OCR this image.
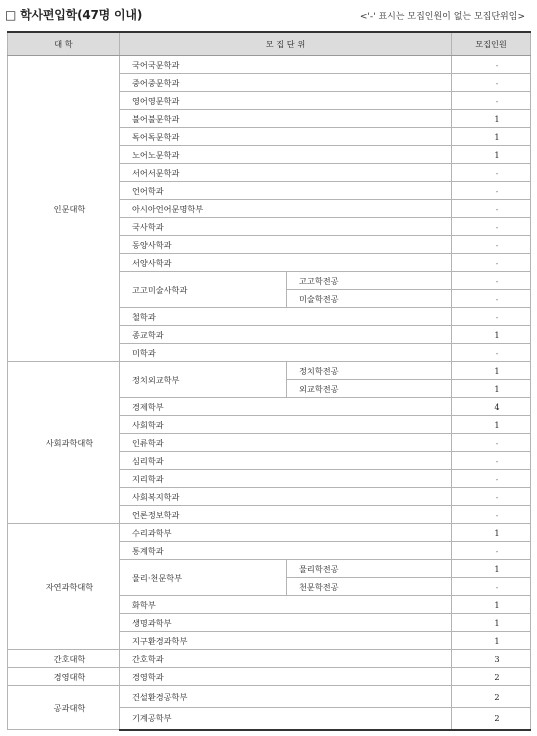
□ 학사편입학(47명 이내)	<'-' 표시는 모집인원이 없는 모집단위임>
대 학	모 집 단 위		모집인원
인문대학	국어국문학과		-
	중어중문학과		-
	영어영문학과		-
	불어불문학과		1
	독어독문학과		1
	노어노문학과		1
	서어서문학과		-
	언어학과		-
	아시아언어문명학부		-
	국사학과		-
	동양사학과		-
	서양사학과		-
	고고미술사학과	고고학전공	-
		미술학전공	-
	철학과		-
	종교학과		1
	미학과		-
사회과학대학	정치외교학부	정치학전공	1
		외교학전공	1
	경제학부		4
	사회학과		1
	인류학과		-
	심리학과		-
	지리학과		-
	사회복지학과		-
	언론정보학과		-
자연과학대학	수리과학부		1
	통계학과		-
	물리·천문학부	물리학전공	1
		천문학전공	-
	화학부		1
	생명과학부		1
	지구환경과학부		1
간호대학	간호학과		3
경영대학	경영학과		2
공과대학	건설환경공학부		2
	기계공학부		2
